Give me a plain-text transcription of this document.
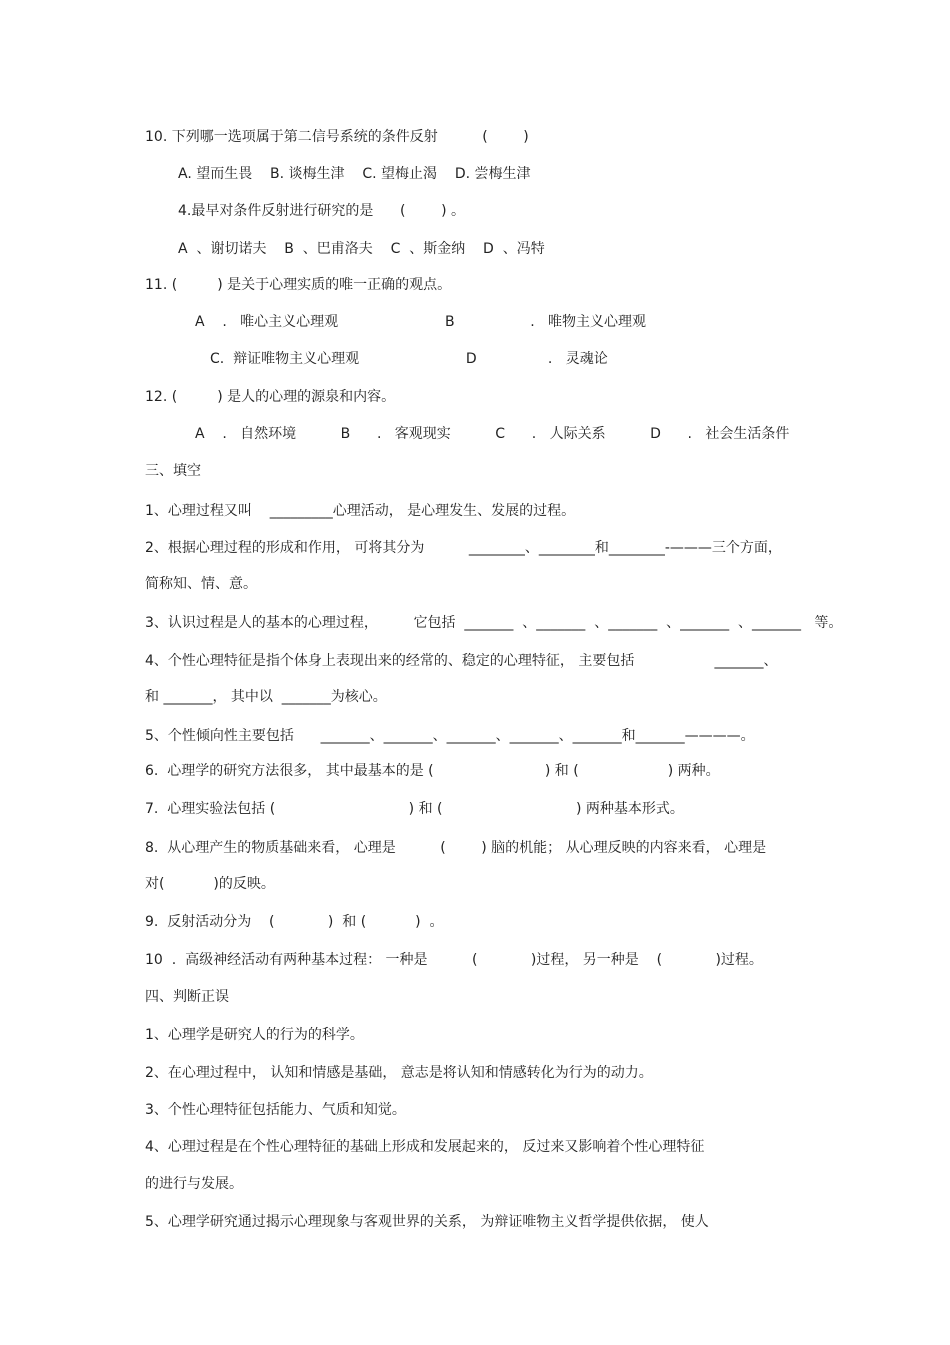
10. 下列哪一选项属于第二信号系统的条件反射          (        )
A. 望而生畏    B. 谈梅生津    C. 望梅止渴    D. 尝梅生津
4.最早对条件反射进行研究的是      (        ) 。
A  、谢切诺夫    B  、巴甫洛夫    C  、斯金纳    D  、冯特
11. (         ) 是关于心理实质的唯一正确的观点。
A    .   唯心主义心理观                        B                 .   唯物主义心理观
C.  辩证唯物主义心理观                        D                .   灵魂论
12. (         ) 是人的心理的源泉和内容。
A    .   自然环境          B      .   客观现实          C      .   人际关系          D      .   社会生活条件
三、填空
1、心理过程又叫    _________心理活动， 是心理发生、发展的过程。
2、根据心理过程的形成和作用， 可将其分为          ________、________和________-———三个方面，
简称知、情、意。
3、认识过程是人的基本的心理过程，        它包括  _______  、_______  、_______  、_______  、_______   等。
4、个性心理特征是指个体身上表现出来的经常的、稳定的心理特征， 主要包括                  _______、
和 _______， 其中以  _______为核心。
5、个性倾向性主要包括      _______、_______、_______、_______、_______和_______————。
6.  心理学的研究方法很多， 其中最基本的是 (                         ) 和 (                    ) 两种。
7.  心理实验法包括 (                              ) 和 (                              ) 两种基本形式。
8.  从心理产生的物质基础来看， 心理是          (        ) 脑的机能； 从心理反映的内容来看， 心理是
对(           )的反映。
9.  反射活动分为    (            )  和 (           )  。
10  .  高级神经活动有两种基本过程： 一种是          (            )过程， 另一种是    (            )过程。
四、判断正误
1、心理学是研究人的行为的科学。
2、在心理过程中， 认知和情感是基础， 意志是将认知和情感转化为行为的动力。
3、个性心理特征包括能力、气质和知觉。
4、心理过程是在个性心理特征的基础上形成和发展起来的， 反过来又影响着个性心理特征
的进行与发展。
5、心理学研究通过揭示心理现象与客观世界的关系， 为辩证唯物主义哲学提供依据， 使人
